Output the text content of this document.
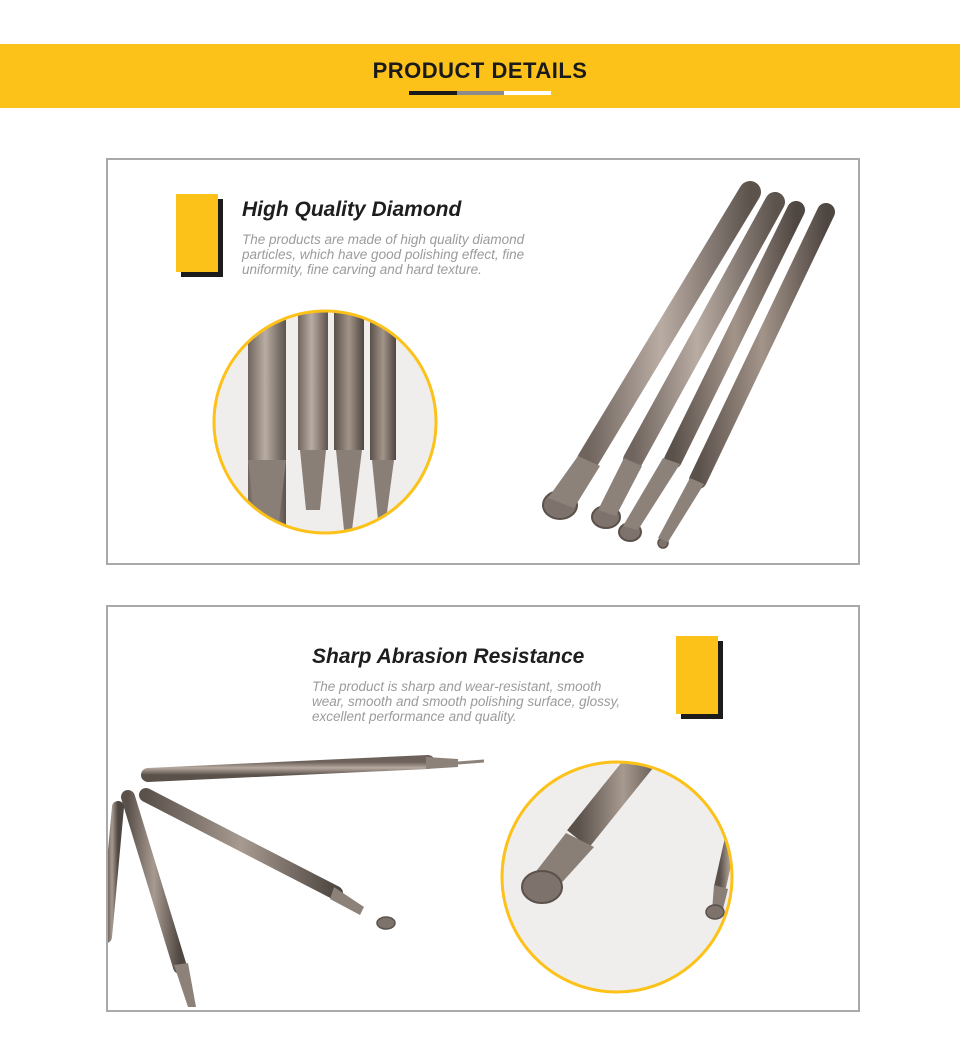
PRODUCT DETAILS
High Quality Diamond
The products are made of high quality diamond
particles, which have good polishing effect, fine
uniformity, fine carving and hard texture.
Sharp Abrasion Resistance
The product is sharp and wear-resistant, smooth
wear, smooth and smooth polishing surface, glossy,
excellent performance and quality.
